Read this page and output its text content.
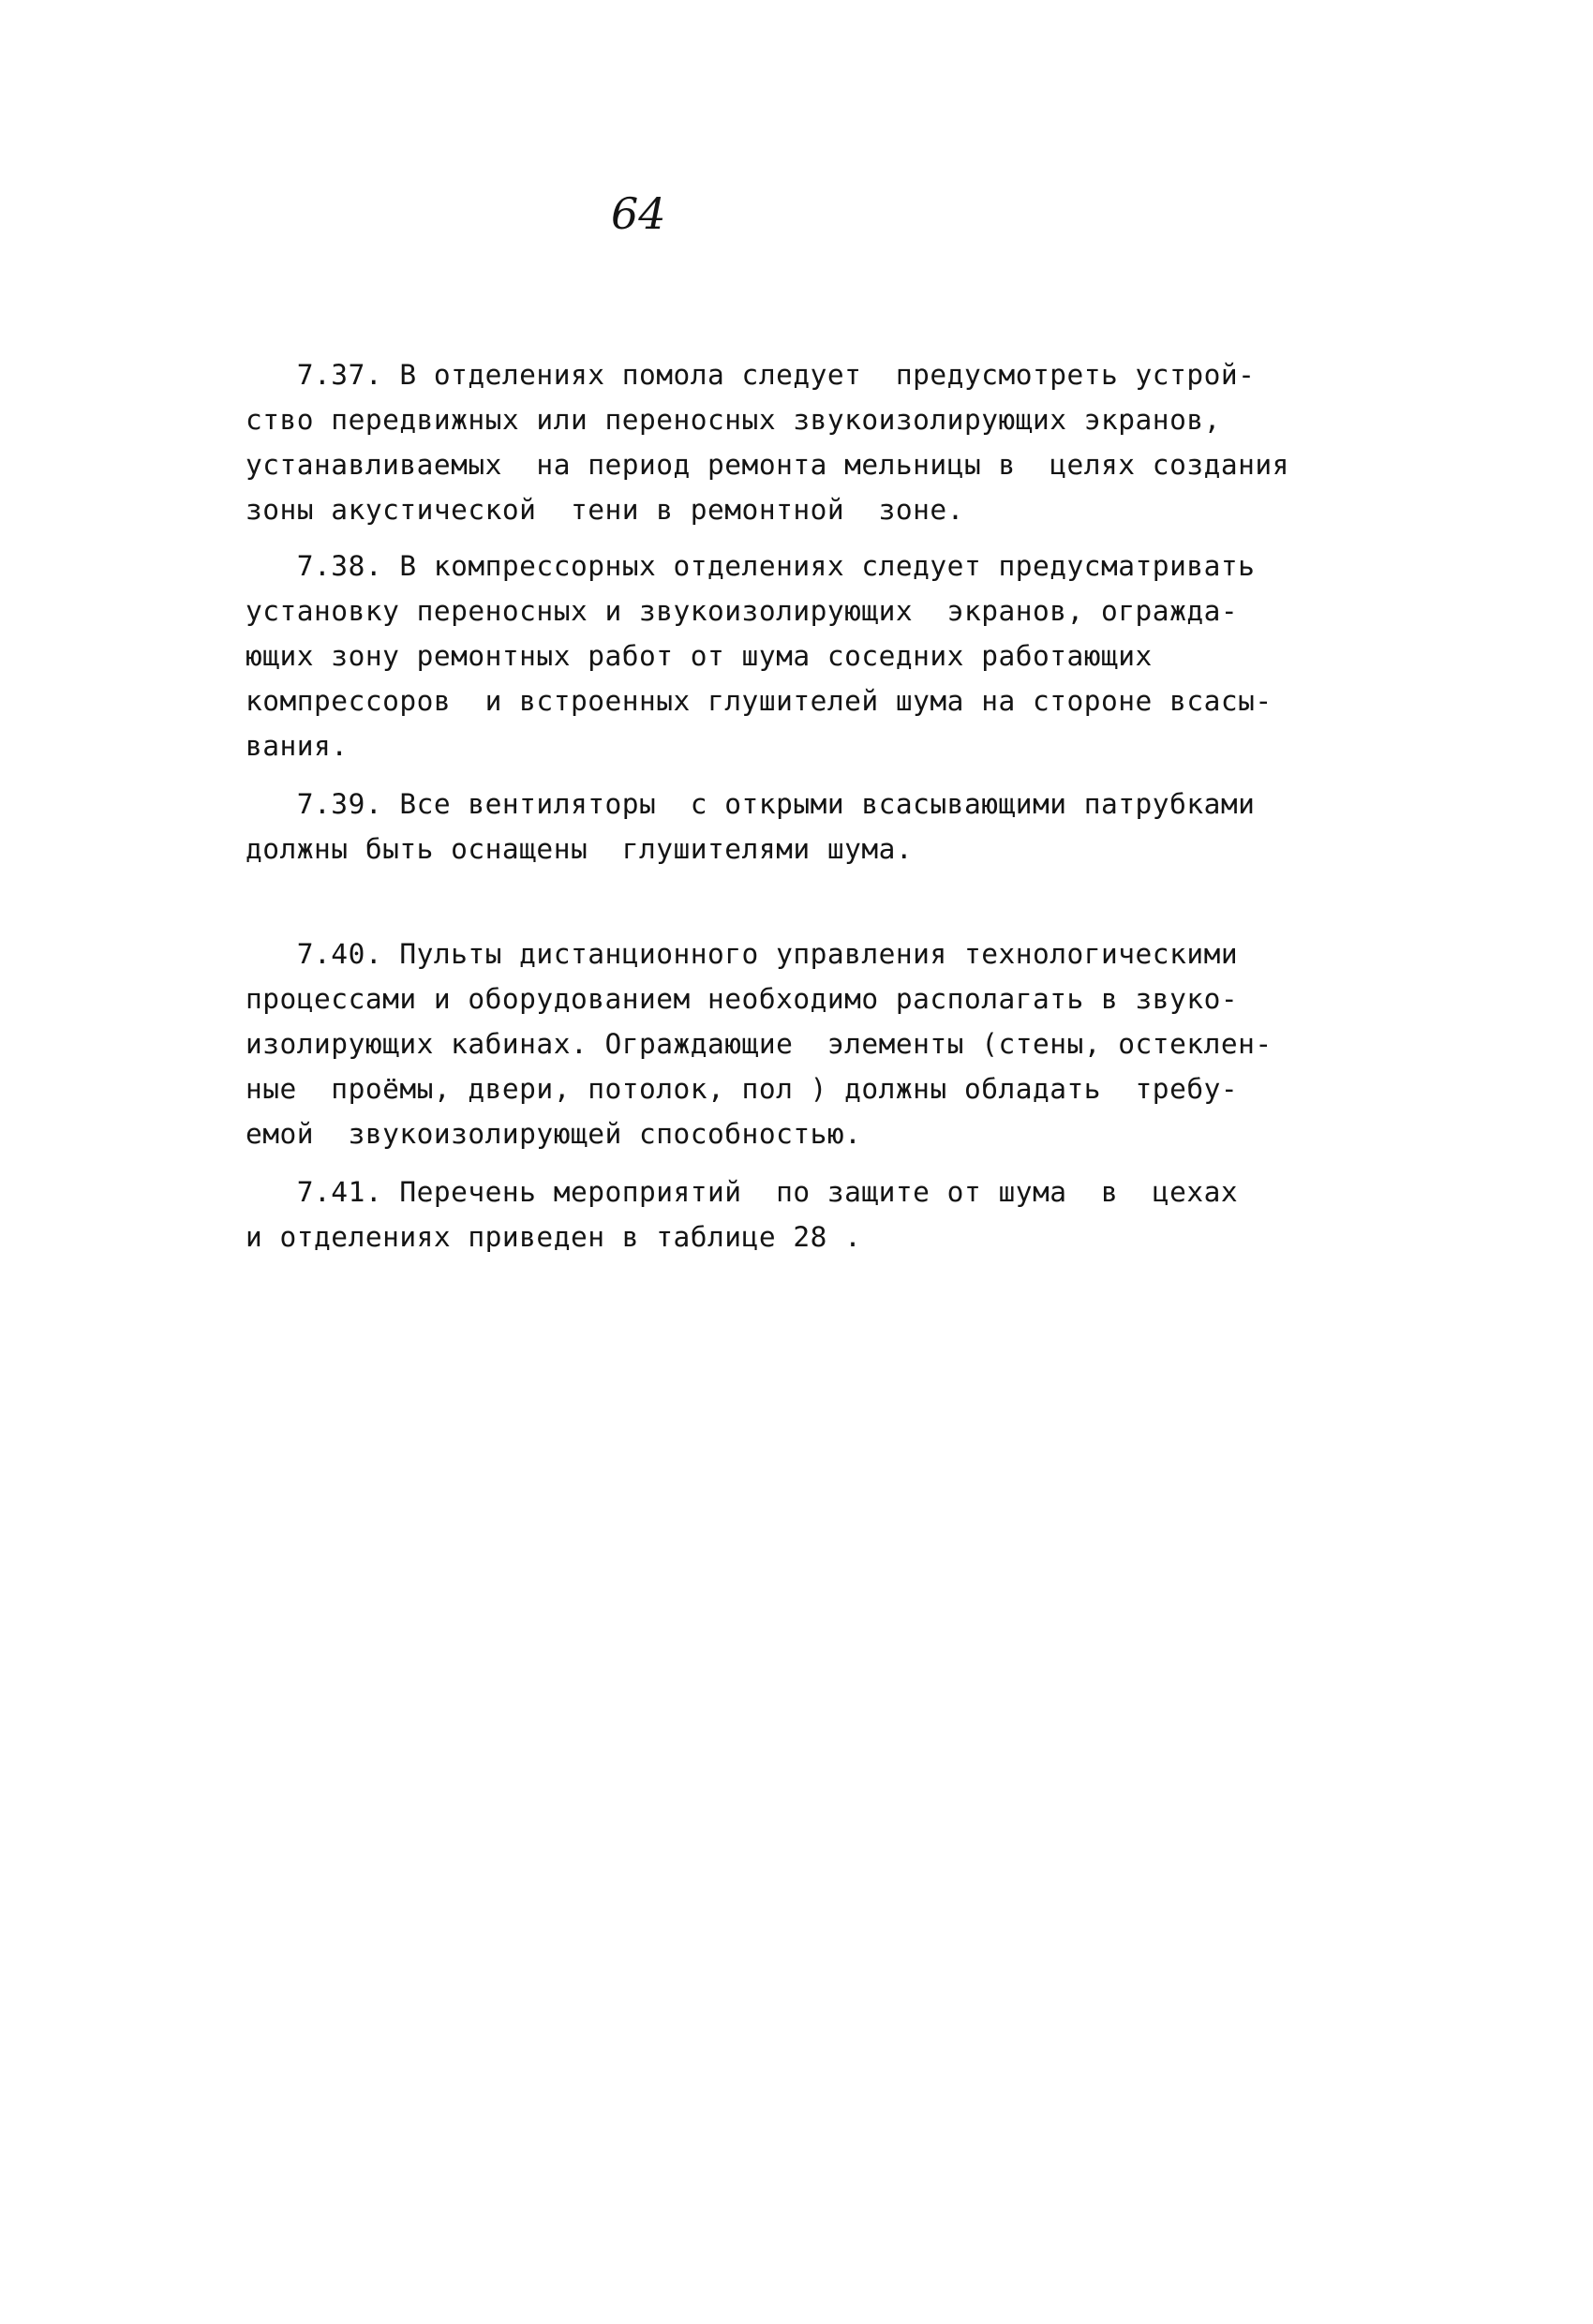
64
7.37. В отделениях помола следует  предусмотреть устрой-
ство передвижных или переносных звукоизолирующих экранов,
устанавливаемых  на период ремонта мельницы в  целях создания
зоны акустической  тени в ремонтной  зоне.
7.38. В компрессорных отделениях следует предусматривать
установку переносных и звукоизолирующих  экранов, огражда-
ющих зону ремонтных работ от шума соседних работающих
компрессоров  и встроенных глушителей шума на стороне всасы-
вания.
7.39. Все вентиляторы  с открыми всасывающими патрубками
должны быть оснащены  глушителями шума.
7.40. Пульты дистанционного управления технологическими
процессами и оборудованием необходимо располагать в звуко-
изолирующих кабинах. Ограждающие  элементы (стены, остеклен-
ные  проёмы, двери, потолок, пол ) должны обладать  требу-
емой  звукоизолирующей способностью.
7.41. Перечень мероприятий  по защите от шума  в  цехах
и отделениях приведен в таблице 28 .
